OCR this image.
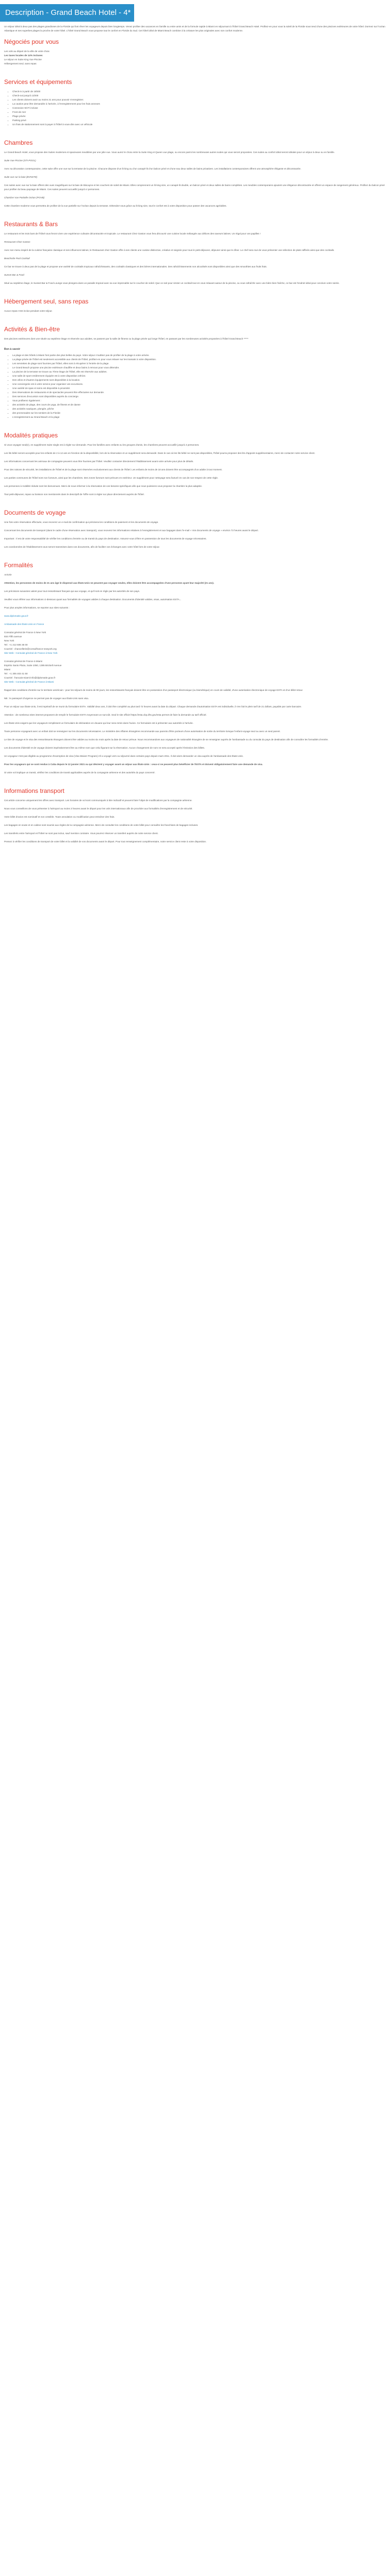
Description - Grand Beach Hotel - 4*

Un séjour idéal à deux pas des plages grandioses de la Floride qui font rêver les voyageurs depuis bien longtemps. Venez profiter des vacances en famille ou entre amis et de la formule rapide à Miami en séjournant à l'hôtel Grand Beach Hotel. Profitez-en pour vous la soleil de la Floride sous tend d'une des piscines extérieures de votre hôtel. Dormez sur l'océan Atlantique et ses superbes plages la proche de votre hôtel. L'hôtel Grand Beach vous propose tout le confort en Floride du Sud. Cet hôtel idéal de Miami Beach combine à la créature les plus originales avec son confort moderne.

Négociés pour vous
Les vols au départ de la ville de votre choix
Les taxes locales de 14% incluses
Le séjour en Suite King Vue Piscine
Hébergement seul, sans repas
Services et équipements
• Check-in à partir de 16h00
• Check-out jusqu'à 11h00
• Les clients doivent avoir au moins 21 ans pour pouvoir s'enregistrer.
• La caution peut être demandée à l'arrivée, à l'enregistrement pour les frais annexes
• Connexion Wi-Fi incluse
• Front de mer
• Plage privée
• Parking privé
• Un frais de stationnement sont à payer à l'hôtel à vous-dire avec un véhicule
Chambres

Le Grand Beach Hotel, vous propose des Suites modernes et spacieuses meublées par une jolie vue. Vous aurez le choix entre la Suite King et Queen vue plage, ou encore parmi les nombreuses autres suites qui vous seront proposées. Ces suites au confort idéal seront idéales pour un séjour à deux ou en famille.

Suite Vue Piscine (STI-POOL)

Avec sa décoration contemporaine, cette suite offre une vue sur la terrasse de la piscine. Chacune dispose d'un lit king ou d'un canapé-lit d'un balcon privé et d'une eau deux salles de bains privatives. Les installations contemporaines offrent une atmosphère élégante et décontractée.

Suite vue sur la baie (BVNSTE)

Ces suites avec vue sur la baie offrent des vues magnifiques sur la baie de Biscayne et les couchers de soleil de Miami. Elles comprennent un lit king size, un canapé-lit double, un balcon privé et deux salles de bains complètes. Les meubles contemporains ajoutent une élégance décontractée et offrent un espace de rangement généreux. Profitez du balcon privé pour profiter du beau paysage de Miami. Ces suites peuvent accueillir jusqu'à 4 personnes.

Chambre Vue Partielle Océan (POVB)

Cette chambre moderne vous permettra de profiter de la vue partielle sur l'océan depuis la terrasse. Détendez-vous grâce au lit king size, tout le confort est à votre disposition pour passer des vacances agréables.

Restaurants & Bars

Le restaurant et les trois bars de l'hôtel vous feront vivre une expérience culinaire décontractée et tropicale. Le restaurant Chez Gaston vous fera découvrir une cuisine locale mélangée aux délices des saveurs latines. Un régal pour vos papilles !

Restaurant Chez Gaston

Avec son menu inspiré de la cuisine française classique et ses influences latines, le Restaurant chez Gaston offre à ses clients une cuisine distinctive, créative et soignée pour tous le petit-déjeuner, déjeuner ainsi que le dîner. Le chef sera ravi de vous présenter une sélection de plats raffinés ainsi que des cocktails.

Beachside Pool Cocktail

Ce bar se trouve à deux pas de la plage et propose une variété de cocktails tropicaux rafraîchissants, des cocktails classiques et des bières internationales. Des rafraîchissements non alcoolisés sont disponibles ainsi que des smoothies aux fruits frais.

Sunset Bar & Food

Situé au septième étage, le Sunset Bar & Food Lounge vous plongera dans un paradis tropical avec sa vue imprenable sur le coucher de soleil. Que ce soit pour siroter un cocktail tout en vous relaxant autour de la piscine, ou vous rafraîchir avec une bière bien fraîche, ce bar est l'endroit idéal pour conclure votre soirée.

Hébergement seul, sans repas

Aucun repas n'est inclus pendant votre séjour.

Activités & Bien-être

Des piscines extérieures dont une située au septième étage et réservée aux adultes, se passent par la salle de fitness ou la plage privée qui longe l'hôtel, en passant par les nombreuses activités proposées à l'hôtel Grand Beach *****

Bon à savoir

• La plage et des hôtels à Miami font partie des plus belles du pays. Votre séjour n'oubliez pas de profiter de la plage à votre arrivée.
• La plage privée de l'hôtel est seulement accessible aux clients de l'hôtel, profitez-en pour vous relaxer sur les transats à votre disposition.
• Les serviettes de plage sont fournies par l'hôtel, elles sont à récupérer à l'entrée de la plage.
• Le Grand Beach propose une piscine extérieure chauffée et deux bains à remous pour vous détendre.
• La piscine de la terrasse se trouve au 7ème étage de l'hôtel, elle est réservée aux adultes.
• Une salle de sport entièrement équipée est à votre disposition 24h/24.
• Des vélos et d'autres équipements sont disponibles à la location.
• Une conciergerie est à votre service pour organiser vos excursions.
• Une variété de spas et soins est disponible à proximité.
• Des réservations de restaurants et de spectacles peuvent être effectuées sur demande.
• Des services d'excursion sont disponibles auprès du concierge.
• Vous profiterez également :
• des activités de plage, des cours de yoga, de fitness et de danse
• des activités nautiques, plongée, pêche
• des promenades sur les sentiers de la Floride
• L'enregistrement au Grand Beach et la plage
Modalités pratiques

Si vous voyagez seul(e), en supplément Suite single est à régler sur demande. Pour les familles avec enfants ou les groupes d'amis, les chambres peuvent accueillir jusqu'à 4 personnes.

Les lits bébé seront acceptés pour les enfants de 2 à 12 ans en fonction de la disponibilité, lors de la réservation et un supplément sera demandé. Dans le cas où les lits bébé ne sont pas disponibles, l'hôtel pourra proposer des lits d'appoint supplémentaires, merci de contacter notre service client.

Les informations concernant les animaux de compagnie peuvent vous être fournies par l'hôtel. Veuillez contacter directement l'établissement avant votre arrivée pour plus de détails.

Pour des raisons de sécurité, les installations de l'hôtel et de la plage sont réservées exclusivement aux clients de l'hôtel. Les enfants de moins de 18 ans doivent être accompagnés d'un adulte à tout moment.

Les parties communes de l'hôtel sont non fumeurs, ainsi que les chambres. Des zones fumeurs sont prévues en extérieur. Un supplément pour nettoyage sera facturé en cas de non-respect de cette règle.

Les personnes à mobilité réduite sont les bienvenues. Merci de nous informer à la réservation de vos besoins spécifiques afin que nous puissions vous proposer la chambre la plus adaptée.

Tout petit-déjeuner, repas ou boisson non mentionnés dans le descriptif de l'offre sont à régler sur place directement auprès de l'hôtel.

Documents de voyage

Une fois votre réservation effectuée, vous recevrez un e-mail de confirmation qui précisera les conditions de paiement et les documents de voyage.

Concernant les documents de transport (dans le cadre d'une réservation avec transport), vous recevrez les informations relatives à l'enregistrement et aux bagages dans l'e-mail « Vos documents de voyage » environ 72 heures avant le départ.

Important : Il est de votre responsabilité de vérifier les conditions d'entrée ou de transit du pays de destination. Assurez-vous d'être en possession de tous les documents de voyage nécessaires.

Les coordonnées de l'établissement vous seront transmises dans vos documents, afin de faciliter vos échanges avec votre hôtel lors de votre séjour.

Formalités

Arrivée

Attention, les personnes de moins de 21 ans âge le dispensé aux États-Unis ne peuvent pas voyager seules, elles doivent être accompagnées d'une personne ayant leur majorité (21 ans).

Les précisions suivantes valent pour tout ressortissant français qui aux voyage, et qu'il soit en règle par les autorités de son pays.

Veuillez vous référer aux informations ci-dessous quant aux formalités de voyages valides à chaque destination. Documents d'identité valides, visas, autorisation ESTA...

Pour plus amples informations, se reporter aux sites suivants :

www.diplomatie.gouv.fr

Ambassade des États-Unis en France

Consulat général de France à New York
934 Fifth avenue
New York
Tel : +1 212 606 36 00
Courriel : chancellerie@consulfrance-newyork.org

Site Web : Consulat général de France à New York

Consulat général de France à Miami
Espirito Santo Plaza, Suite 1050, 1395 Brickell Avenue
Miami
Tel : +1 305 403 41 50
Courriel : francais-miami-info@diplomatie.gouv.fr

Site Web : Consulat général de France à Miami

Rappel des conditions d'entrée sur le territoire américain : pour les séjours de moins de 90 jours, les ressortissants français doivent être en possession d'un passeport électronique (ou biométrique) en cours de validité, d'une autorisation électronique de voyage ESTA et d'un billet retour.

NB : le passeport d'urgence ne permet pas de voyager aux États-Unis sans visa.

Pour un séjour aux États-Unis, il est impératif de se munir du formulaire ESTA. Validité deux ans, il doit être complété au plus tard 72 heures avant la date du départ. Chaque demande d'autorisation ESTA est individuelle, il s'en fait le plein tarif de 21 dollars, payable par carte bancaire.

Attention : de nombreux sites internet proposent de remplir le formulaire ESTA moyennant un surcoût. Seul le site officiel https://esta.cbp.dhs.gov/esta permet de faire la demande au tarif officiel.

Les États-Unis exigent que les voyageurs remplissent un formulaire de déclaration en douane qui leur sera remis dans l'avion. Ce formulaire est à présenter aux autorités à l'arrivée.

Toute personne voyageant avec un enfant doit se renseigner sur les documents nécessaires. Le ministère des Affaires étrangères recommande aux parents d'être porteurs d'une autorisation de sortie du territoire lorsque l'enfant voyage seul ou avec un seul parent.

Le titre de voyage et le visa des ressortissants étrangers doivent être valides au moins six mois après la date de retour prévue. Nous recommandons aux voyageurs de nationalité étrangère de se renseigner auprès de l'ambassade ou du consulat du pays de destination afin de connaître les formalités d'entrée.

Les documents d'identité et de voyage doivent impérativement être au même nom que celui figurant sur la réservation. Aucun changement de nom ne sera accepté après l'émission des billets.

Un voyageur n'est pas éligible au programme d'exemption de visa (Visa Waiver Program) s'il a voyagé vers ou séjourné dans certains pays depuis mars 2011. Il doit alors demander un visa auprès de l'ambassade des États-Unis.

Pour les voyageurs qui se sont rendus à Cuba depuis le 12 janvier 2021 ou qui désirent y voyager avant un séjour aux États-Unis : ceux-ci ne peuvent plus bénéficier de l'ESTA et doivent obligatoirement faire une demande de visa.

Si votre vol implique un transit, vérifiez les conditions de transit applicables auprès de la compagnie aérienne et des autorités du pays concerné.

Informations transport

Cet article concerne uniquement les offres avec transport. Les horaires de vol sont communiqués à titre indicatif et peuvent faire l'objet de modifications par la compagnie aérienne.

Nous vous conseillons de vous présenter à l'aéroport au moins 3 heures avant le départ pour les vols internationaux afin de procéder aux formalités d'enregistrement et de sécurité.

Votre billet d'avion est nominatif et non cessible. Toute annulation ou modification peut entraîner des frais.

Les bagages en soute et en cabine sont soumis aux règles de la compagnie aérienne. Merci de consulter les conditions de votre billet pour connaître les franchises de bagages incluses.

Les transferts entre l'aéroport et l'hôtel ne sont pas inclus, sauf mention contraire. Vous pourrez réserver un transfert auprès de notre service client.

Pensez à vérifier les conditions de transport de votre billet et la validité de vos documents avant le départ. Pour tout renseignement complémentaire, notre service client reste à votre disposition.
